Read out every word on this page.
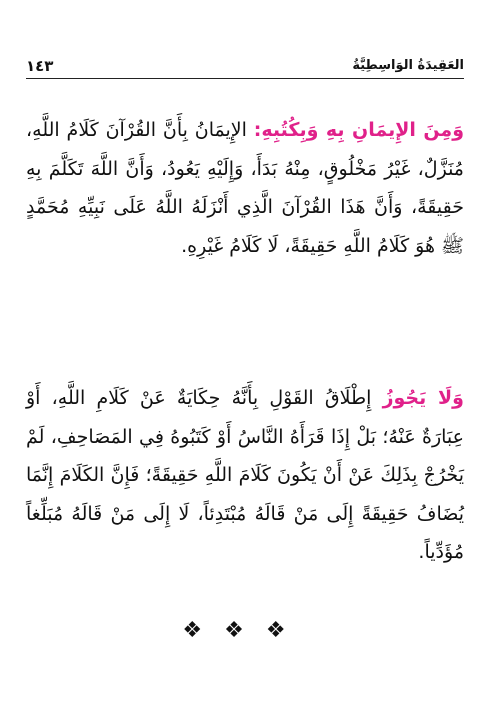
العَقِيدَةُ الوَاسِطِيَّةُ
١٤٣

وَمِنَ الإِيمَانِ بِهِ وَبِكُتُبِهِ: الإِيمَانُ بِأَنَّ القُرْآنَ كَلَامُ اللَّهِ، مُنَزَّلٌ، غَيْرُ مَخْلُوقٍ، مِنْهُ بَدَأَ، وَإِلَيْهِ يَعُودُ، وَأَنَّ اللَّهَ تَكَلَّمَ بِهِ حَقِيقَةً، وَأَنَّ هَذَا القُرْآنَ الَّذِي أَنْزَلَهُ اللَّهُ عَلَى نَبِيِّهِ مُحَمَّدٍ ﷺ هُوَ كَلَامُ اللَّهِ حَقِيقَةً، لَا كَلَامُ غَيْرِهِ.

وَلَا يَجُوزُ إِطْلَاقُ القَوْلِ بِأَنَّهُ حِكَايَةٌ عَنْ كَلَامِ اللَّهِ، أَوْ عِبَارَةٌ عَنْهُ؛ بَلْ إِذَا قَرَأَهُ النَّاسُ أَوْ كَتَبُوهُ فِي المَصَاحِفِ، لَمْ يَخْرُجْ بِذَلِكَ عَنْ أَنْ يَكُونَ كَلَامَ اللَّهِ حَقِيقَةً؛ فَإِنَّ الكَلَامَ إِنَّمَا يُضَافُ حَقِيقَةً إِلَى مَنْ قَالَهُ مُبْتَدِئاً، لَا إِلَى مَنْ قَالَهُ مُبَلِّغاً مُؤَدِّياً.

❖❖❖
